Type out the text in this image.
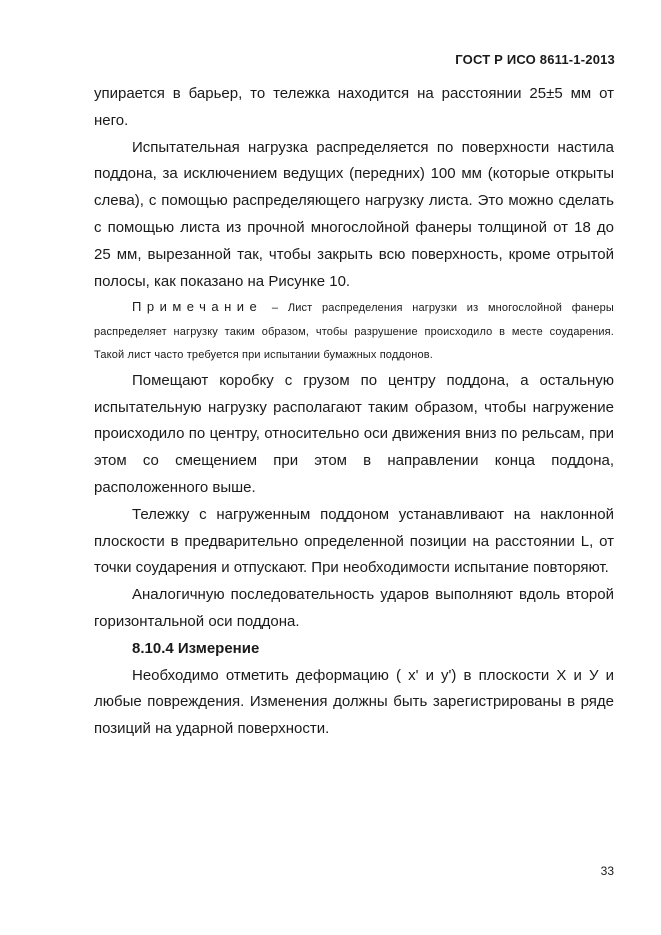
ГОСТ Р ИСО 8611-1-2013

упирается в барьер, то тележка находится на расстоянии 25±5 мм от него.

Испытательная нагрузка распределяется по поверхности настила поддона, за исключением ведущих (передних) 100 мм (которые открыты слева), с помощью распределяющего нагрузку листа. Это можно сделать с помощью листа из прочной многослойной фанеры толщиной от 18 до 25 мм, вырезанной так, чтобы закрыть всю поверхность, кроме отрытой полосы, как показано на Рисунке 10.

Примечание – Лист распределения нагрузки из многослойной фанеры распределяет нагрузку таким образом, чтобы разрушение происходило в месте соударения. Такой лист часто требуется при испытании бумажных поддонов.

Помещают коробку с грузом по центру поддона, а остальную испытательную нагрузку располагают таким образом, чтобы нагружение происходило по центру, относительно оси движения вниз по рельсам, при этом со смещением при этом в направлении конца поддона, расположенного выше.

Тележку с нагруженным поддоном устанавливают на наклонной плоскости в предварительно определенной позиции на расстоянии L, от точки соударения и отпускают. При необходимости испытание повторяют.

Аналогичную последовательность ударов выполняют вдоль второй горизонтальной оси поддона.

8.10.4 Измерение

Необходимо отметить деформацию ( х' и у') в плоскости Х и У и любые повреждения. Изменения должны быть зарегистрированы в ряде позиций на ударной поверхности.

33
